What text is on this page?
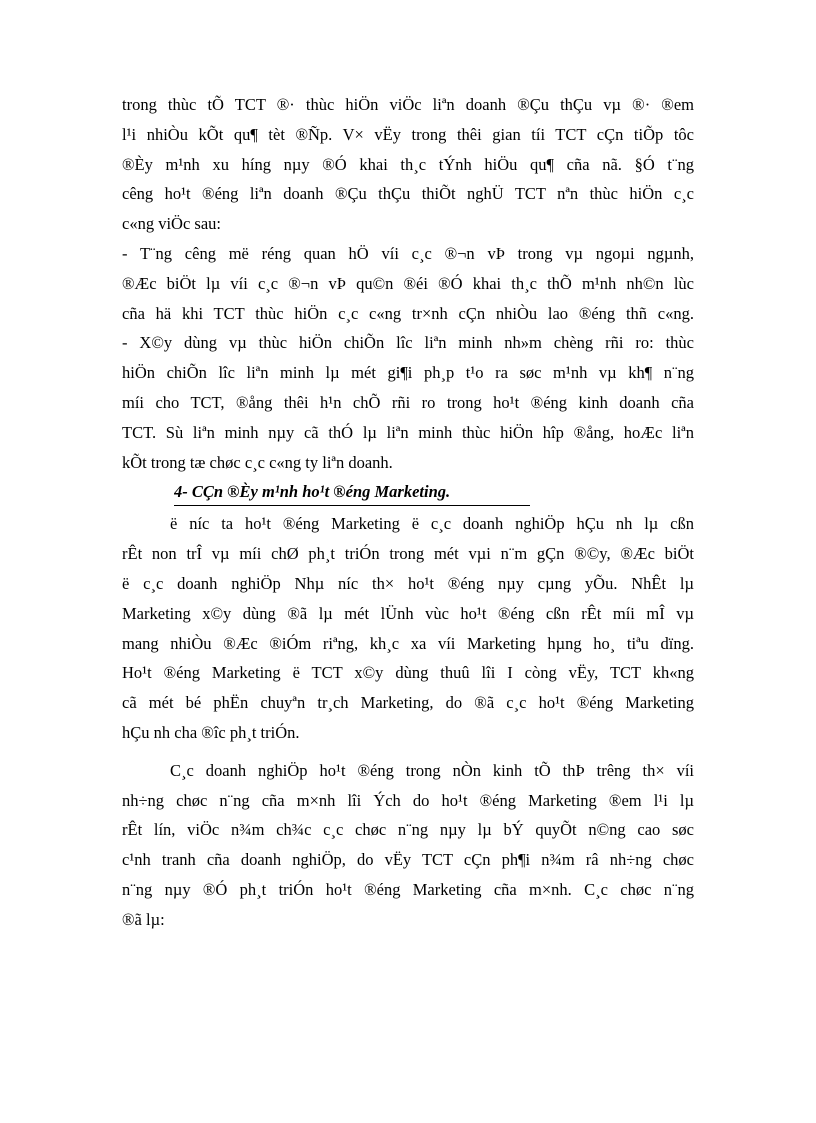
trong thùc tÕ TCT ®· thùc hiÖn viÖc liªn doanh ®Çu thÇu vµ ®· ®em
l¹i nhiÒu kÕt qu¶ tèt ®Ñp. V× vËy trong thêi gian tíi TCT cÇn tiÕp tôc
®Èy m¹nh xu híng nµy ®Ó khai th¸c tÝnh hiÖu qu¶ cña nã. §Ó t¨ng
cêng ho¹t ®éng liªn doanh ®Çu thÇu thiÕt nghÜ TCT nªn thùc hiÖn c¸c
c«ng viÖc sau:
- T¨ng cêng më réng quan hÖ víi c¸c ®¬n vÞ trong vµ ngoµi ngµnh,
®Æc biÖt lµ víi c¸c ®¬n vÞ qu©n ®éi ®Ó khai th¸c thÕ m¹nh nh©n lùc
cña hä khi TCT thùc hiÖn c¸c c«ng tr×nh cÇn nhiÒu lao ®éng thñ c«ng.
- X©y dùng vµ thùc hiÖn chiÕn lîc liªn minh nh»m chèng rñi ro: thùc
hiÖn chiÕn lîc liªn minh lµ mét gi¶i ph¸p t¹o ra søc m¹nh vµ kh¶ n¨ng
míi cho TCT, ®ång thêi h¹n chÕ rñi ro trong ho¹t ®éng kinh doanh cña
TCT. Sù liªn minh nµy cã thÓ lµ liªn minh thùc hiÖn hîp ®ång, hoÆc liªn
kÕt trong tæ chøc c¸c c«ng ty liªn doanh.
4- CÇn ®Èy m¹nh ho¹t ®éng Marketing.
ë níc ta ho¹t ®éng Marketing ë c¸c doanh nghiÖp hÇu nh lµ cßn
rÊt non trÎ vµ míi chØ ph¸t triÓn trong mét vµi n¨m gÇn ®©y, ®Æc biÖt
ë c¸c doanh nghiÖp Nhµ níc th× ho¹t ®éng nµy cµng yÕu. NhÊt lµ
Marketing x©y dùng ®ã lµ mét lÜnh vùc ho¹t ®éng cßn rÊt míi mÎ vµ
mang nhiÒu ®Æc ®iÓm riªng, kh¸c xa víi Marketing hµng ho¸ tiªu dïng.
Ho¹t ®éng Marketing ë TCT x©y dùng thuû lîi I còng vËy, TCT kh«ng
cã mét bé phËn chuyªn tr¸ch Marketing, do ®ã c¸c ho¹t ®éng Marketing
hÇu nh cha ®îc ph¸t triÓn.
C¸c doanh nghiÖp ho¹t ®éng trong nÒn kinh tÕ thÞ trêng th× víi
nh÷ng chøc n¨ng cña m×nh lîi Ých do ho¹t ®éng Marketing ®em l¹i lµ
rÊt lín, viÖc n¾m ch¾c c¸c chøc n¨ng nµy lµ bÝ quyÕt n©ng cao søc
c¹nh tranh cña doanh nghiÖp, do vËy TCT cÇn ph¶i n¾m râ nh÷ng chøc
n¨ng nµy ®Ó ph¸t triÓn ho¹t ®éng Marketing cña m×nh. C¸c chøc n¨ng
®ã lµ:
